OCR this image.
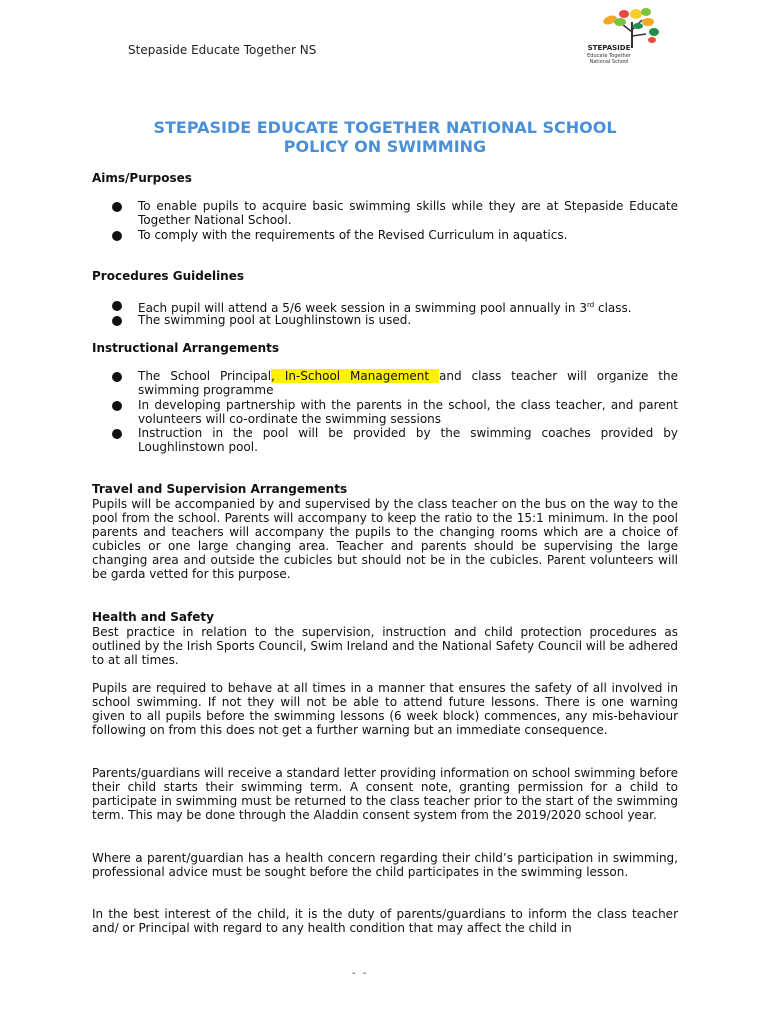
Stepaside Educate Together NS	STEPASIDE
Educate Together
National School
STEPASIDE EDUCATE TOGETHER NATIONAL SCHOOL
POLICY ON SWIMMING
Aims/Purposes
To enable pupils to acquire basic swimming skills while they are at Stepaside Educate Together National School.
To comply with the requirements of the Revised Curriculum in aquatics.
Procedures Guidelines
Each pupil will attend a 5/6 week session in a swimming pool annually in 3rd class.
The swimming pool at Loughlinstown is used.
Instructional Arrangements
The School Principal, In-School Management and class teacher will organize the swimming programme
In developing partnership with the parents in the school, the class teacher, and parent volunteers will co-ordinate the swimming sessions
Instruction in the pool will be provided by the swimming coaches provided by Loughlinstown pool.
Travel and Supervision Arrangements
Pupils will be accompanied by and supervised by the class teacher on the bus on the way to the pool from the school. Parents will accompany to keep the ratio to the 15:1 minimum. In the pool parents and teachers will accompany the pupils to the changing rooms which are a choice of cubicles or one large changing area. Teacher and parents should be supervising the large changing area and outside the cubicles but should not be in the cubicles. Parent volunteers will be garda vetted for this purpose.
Health and Safety
Best practice in relation to the supervision, instruction and child protection procedures as outlined by the Irish Sports Council, Swim Ireland and the National Safety Council will be adhered to at all times.
Pupils are required to behave at all times in a manner that ensures the safety of all involved in school swimming. If not they will not be able to attend future lessons. There is one warning given to all pupils before the swimming lessons (6 week block) commences, any mis-behaviour following on from this does not get a further warning but an immediate consequence.
Parents/guardians will receive a standard letter providing information on school swimming before their child starts their swimming term. A consent note, granting permission for a child to participate in swimming must be returned to the class teacher prior to the start of the swimming term. This may be done through the Aladdin consent system from the 2019/2020 school year.
Where a parent/guardian has a health concern regarding their child’s participation in swimming, professional advice must be sought before the child participates in the swimming lesson.
In the best interest of the child, it is the duty of parents/guardians to inform the class teacher and/ or Principal with regard to any health condition that may affect the child in
- -
